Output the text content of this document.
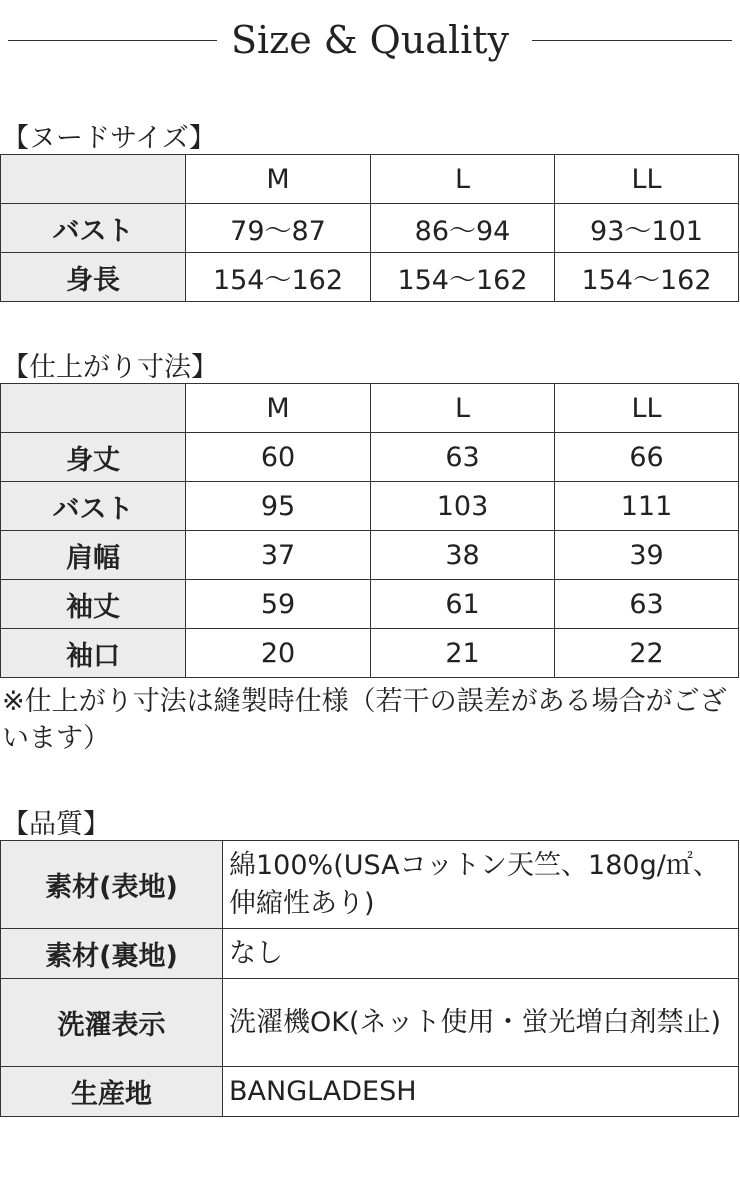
Size & Quality
【ヌードサイズ】
	M	L	LL
バスト	79〜87	86〜94	93〜101
身長	154〜162	154〜162	154〜162
【仕上がり寸法】
	M	L	LL
身丈	60	63	66
バスト	95	103	111
肩幅	37	38	39
袖丈	59	61	63
袖口	20	21	22
※仕上がり寸法は縫製時仕様（若干の誤差がある場合がございます）
【品質】
素材(表地)	綿100%(USAコットン天竺、180g/㎡、伸縮性あり)
素材(裏地)	なし
洗濯表示	洗濯機OK(ネット使用・蛍光増白剤禁止)
生産地	BANGLADESH
